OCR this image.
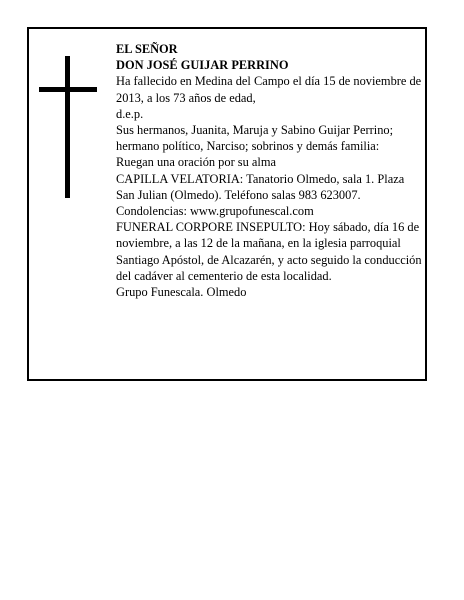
EL SEÑOR

DON JOSÉ GUIJAR PERRINO

Ha fallecido en Medina del Campo el día 15 de noviembre de 2013, a los 73 años de edad,

d.e.p.

Sus hermanos, Juanita, Maruja y Sabino Guijar Perrino; hermano político, Narciso; sobrinos y demás familia:

Ruegan una oración por su alma

CAPILLA VELATORIA: Tanatorio Olmedo, sala 1. Plaza San Julian (Olmedo). Teléfono salas 983 623007.

Condolencias: www.grupofunescal.com

FUNERAL CORPORE INSEPULTO: Hoy sábado, día 16 de noviembre, a las 12 de la mañana, en la iglesia parroquial Santiago Apóstol, de Alcazarén, y acto seguido la conducción del cadáver al cementerio de esta localidad.

Grupo Funescala. Olmedo
